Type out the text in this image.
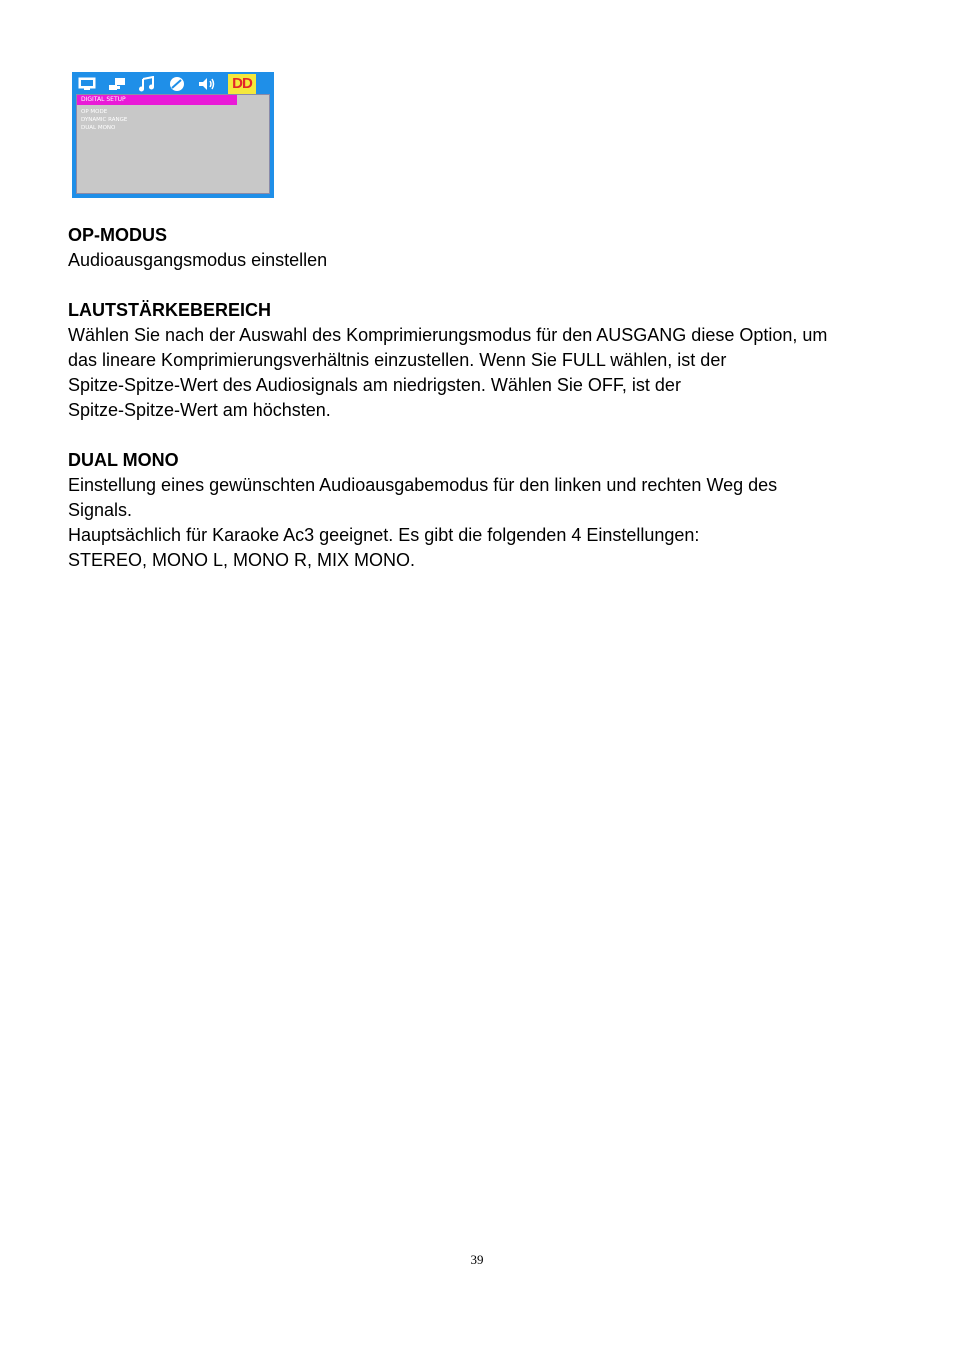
DD
DIGITAL SETUP
OP MODE
DYNAMIC RANGE
DUAL MONO

OP-MODUS

Audioausgangsmodus einstellen

LAUTSTÄRKEBEREICH

Wählen Sie nach der Auswahl des Komprimierungsmodus für den AUSGANG diese Option, um

das lineare Komprimierungsverhältnis einzustellen. Wenn Sie FULL wählen, ist der

Spitze-Spitze-Wert des Audiosignals am niedrigsten. Wählen Sie OFF, ist der

Spitze-Spitze-Wert am höchsten.

DUAL MONO

Einstellung eines gewünschten Audioausgabemodus für den linken und rechten Weg des

Signals.

Hauptsächlich für Karaoke Ac3 geeignet. Es gibt die folgenden 4 Einstellungen:

STEREO, MONO L, MONO R, MIX MONO.

39
